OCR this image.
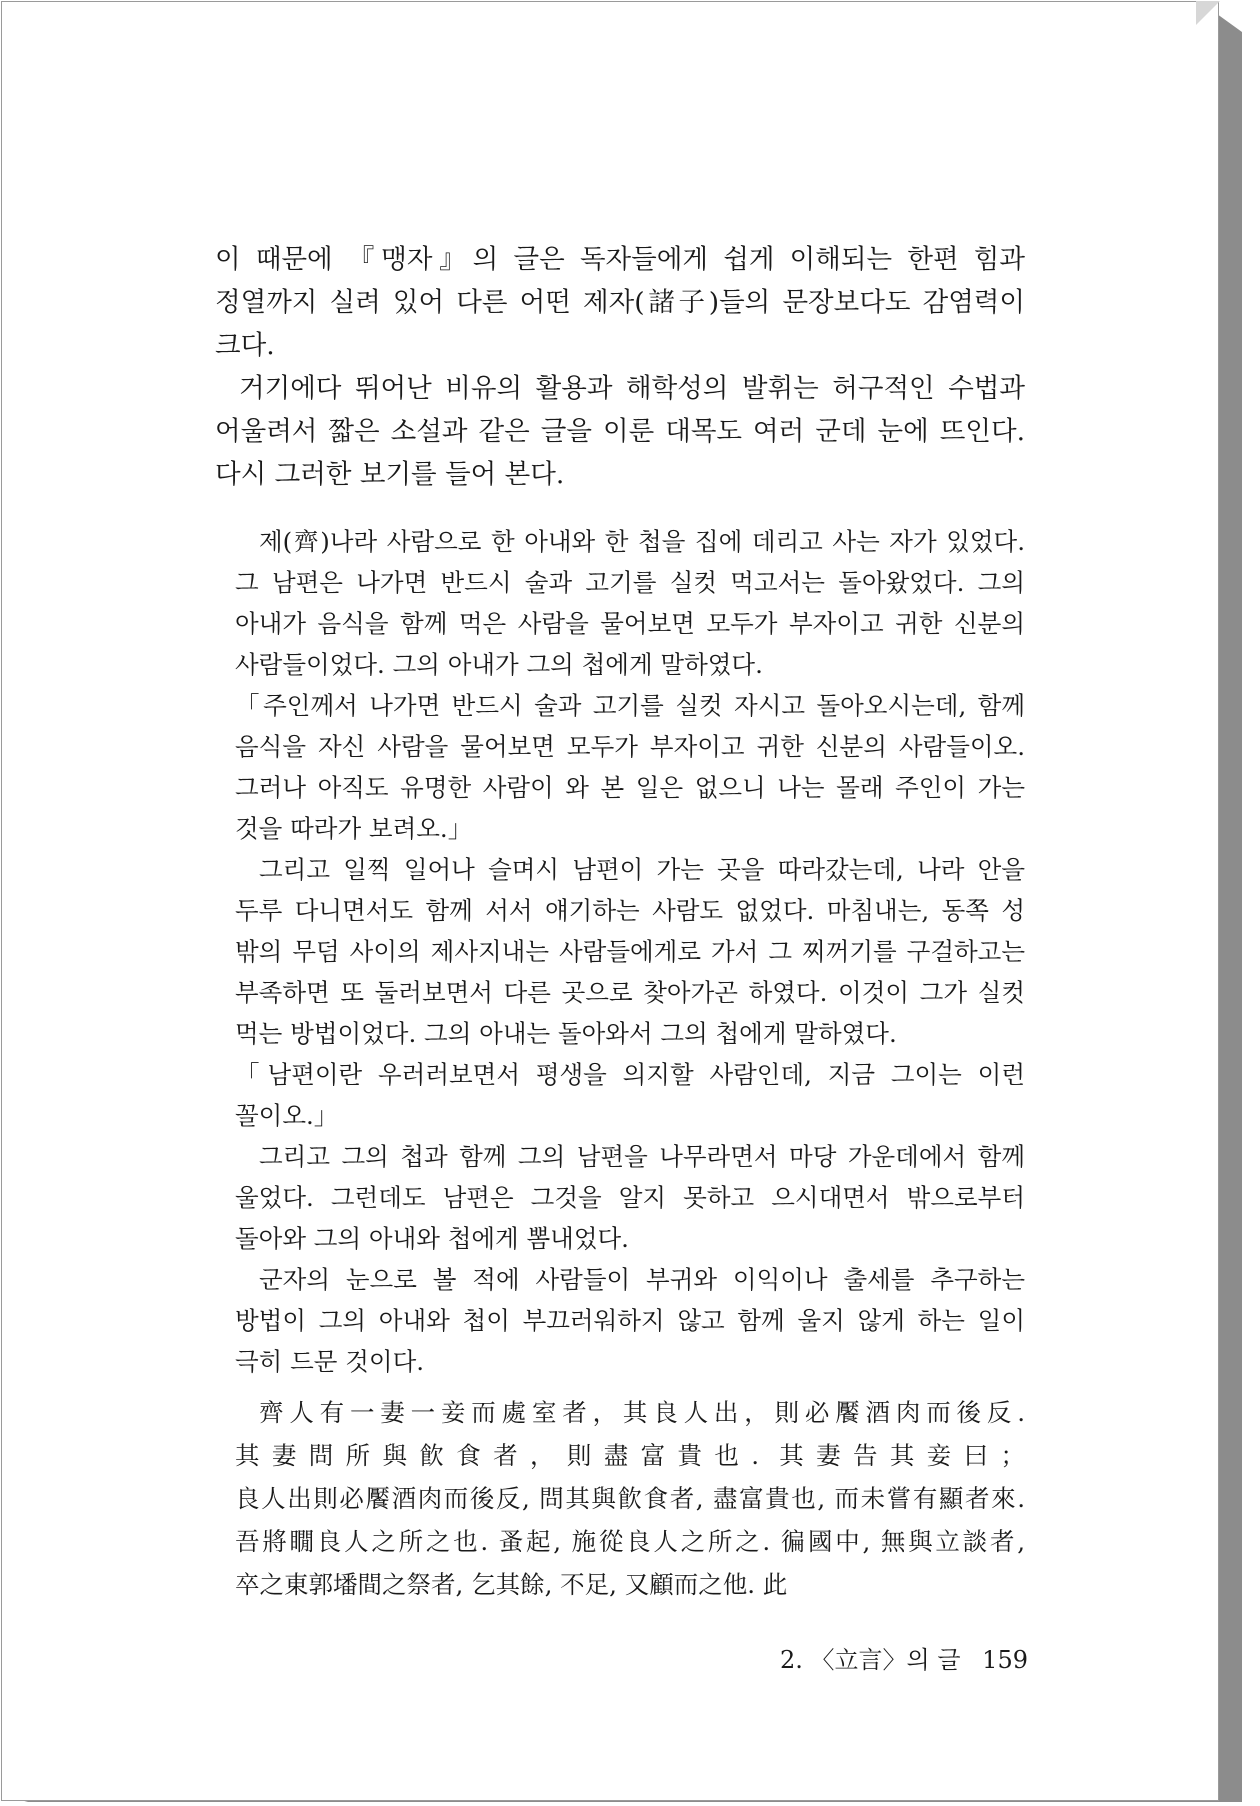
이 때문에 『맹자』의 글은 독자들에게 쉽게 이해되는 한편 힘과 정열까지 실려 있어 다른 어떤 제자(諸子)들의 문장보다도 감염력이 크다.

거기에다 뛰어난 비유의 활용과 해학성의 발휘는 허구적인 수법과 어울려서 짧은 소설과 같은 글을 이룬 대목도 여러 군데 눈에 뜨인다. 다시 그러한 보기를 들어 본다.

제(齊)나라 사람으로 한 아내와 한 첩을 집에 데리고 사는 자가 있었다. 그 남편은 나가면 반드시 술과 고기를 실컷 먹고서는 돌아왔었다. 그의 아내가 음식을 함께 먹은 사람을 물어보면 모두가 부자이고 귀한 신분의 사람들이었다. 그의 아내가 그의 첩에게 말하였다.

「주인께서 나가면 반드시 술과 고기를 실컷 자시고 돌아오시는데, 함께 음식을 자신 사람을 물어보면 모두가 부자이고 귀한 신분의 사람들이오. 그러나 아직도 유명한 사람이 와 본 일은 없으니 나는 몰래 주인이 가는 것을 따라가 보려오.」

그리고 일찍 일어나 슬며시 남편이 가는 곳을 따라갔는데, 나라 안을 두루 다니면서도 함께 서서 얘기하는 사람도 없었다. 마침내는, 동쪽 성 밖의 무덤 사이의 제사지내는 사람들에게로 가서 그 찌꺼기를 구걸하고는 부족하면 또 둘러보면서 다른 곳으로 찾아가곤 하였다. 이것이 그가 실컷 먹는 방법이었다. 그의 아내는 돌아와서 그의 첩에게 말하였다.

「남편이란 우러러보면서 평생을 의지할 사람인데, 지금 그이는 이런 꼴이오.」

그리고 그의 첩과 함께 그의 남편을 나무라면서 마당 가운데에서 함께 울었다. 그런데도 남편은 그것을 알지 못하고 으시대면서 밖으로부터 돌아와 그의 아내와 첩에게 뽐내었다.

군자의 눈으로 볼 적에 사람들이 부귀와 이익이나 출세를 추구하는 방법이 그의 아내와 첩이 부끄러워하지 않고 함께 울지 않게 하는 일이 극히 드문 것이다.

齊人有一妻一妾而處室者，其良人出，則必饜酒肉而後反. 其妻問所與飮食者，則盡富貴也. 其妻告其妾曰；良人出則必饜酒肉而後反, 問其與飮食者, 盡富貴也, 而未嘗有顯者來. 吾將瞯良人之所之也. 蚤起, 施從良人之所之. 徧國中, 無與立談者, 卒之東郭墦間之祭者, 乞其餘, 不足, 又顧而之他. 此

2. 〈立言〉의 글 159
